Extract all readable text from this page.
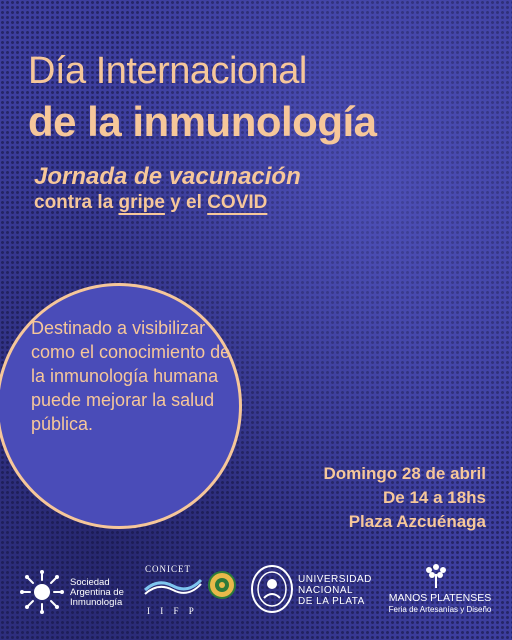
Día Internacional
de la inmunología
Jornada de vacunación
contra la gripe y el COVID
Destinado a visibilizar como el conocimiento de la inmunología humana puede mejorar la salud pública.
Domingo 28 de abril
De 14 a 18hs
Plaza Azcuénaga
Sociedad
Argentina de
Inmunología
CONICET
I I F P
UNIVERSIDAD
NACIONAL
DE LA PLATA	MANOS PLATENSES
Feria de Artesanías y Diseño
